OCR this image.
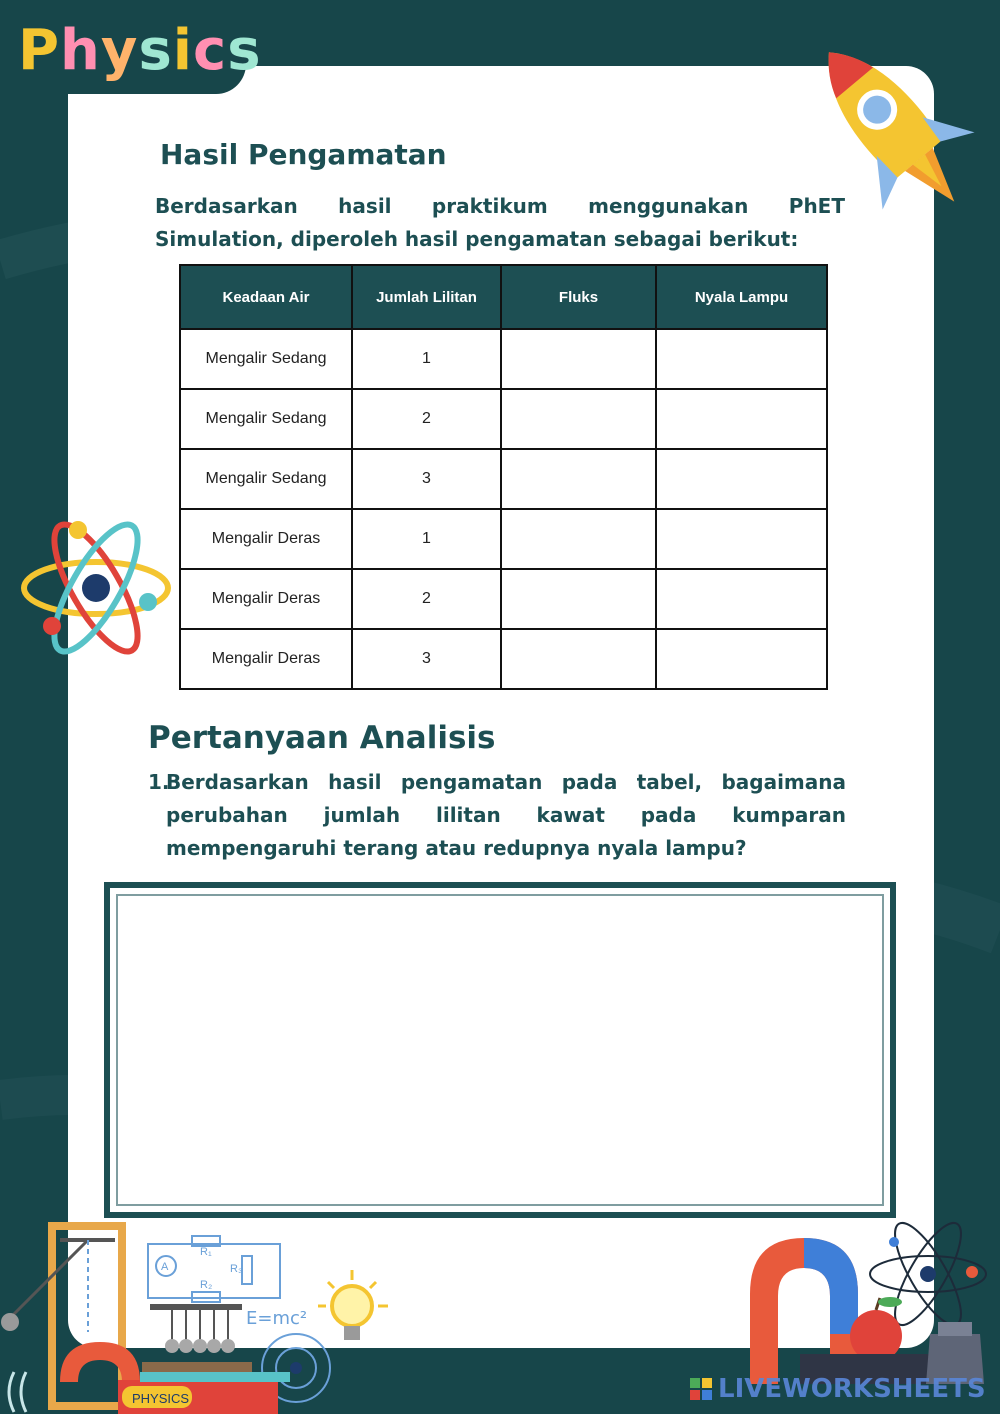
Physics
Hasil Pengamatan

Berdasarkan hasil praktikum menggunakan PhET Simulation, diperoleh hasil pengamatan sebagai berikut:

Keadaan Air	Jumlah Lilitan	Fluks	Nyala Lampu
Mengalir Sedang	1		
Mengalir Sedang	2		
Mengalir Sedang	3		
Mengalir Deras	1		
Mengalir Deras	2		
Mengalir Deras	3		
Pertanyaan Analisis
1.
Berdasarkan hasil pengamatan pada tabel, bagaimana perubahan jumlah lilitan kawat pada kumparan mempengaruhi terang atau redupnya nyala lampu?
A
R₁
R₂
R₃
E=mc²
PHYSICS	LIVEWORKSHEETS
